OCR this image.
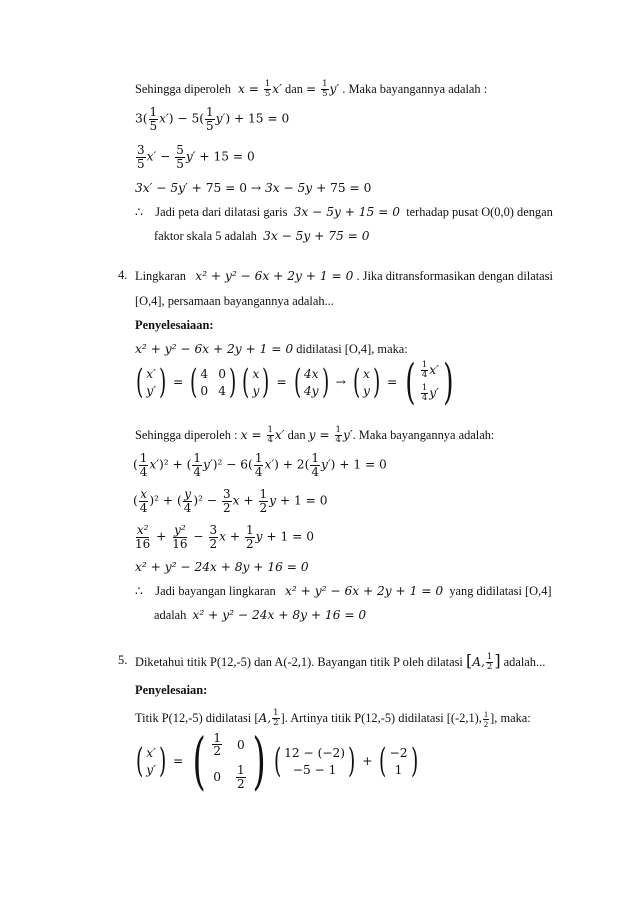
Sehingga diperoleh  $x = \frac{1}{5} x'$ dan = $\frac{1}{5} y'$ . Maka bayangannya adalah :
$3( \frac{1}{5} x') - 5( \frac{1}{5} y') + 15 = 0$
$\frac{3}{5} x' - \frac{5}{5} y' + 15 = 0$
3x′ − 5y′ + 75 = 0 → 3x − 5y + 75 = 0
∴ Jadi peta dari dilatasi garis 3x − 5y + 15 = 0 terhadap pusat O(0,0) dengan
faktor skala 5 adalah 3x − 5y + 75 = 0
4. Lingkaran x² + y² − 6x + 2y + 1 = 0 . Jika ditransformasikan dengan dilatasi
[O,4], persamaan bayangannya adalah...
Penyelesaiaan:
x² + y² − 6x + 2y + 1 = 0 didilatasi [O,4], maka:
( x′
y′ ) = ( 4 0
0 4 ) ( x
y ) = ( 4x
4y ) → ( x
y ) = ( $\frac{1}{4} x'$
$\frac{1}{4} y'$ )
Sehingga diperoleh : $x = \frac{1}{4} x'$ dan $y = \frac{1}{4} y'$. Maka bayangannya adalah:
( $\frac{1}{4} x')^2$ + ( $\frac{1}{4} y')^2 - 6( \frac{1}{4} x') + 2( \frac{1}{4} y') + 1 = 0$
( $\frac{x}{4} )^2$ + ( $\frac{y}{4} )^2 - \frac{3}{2}$ $x + \frac{1}{2}$ y + 1 = 0
$\frac{\text{x²}}{16} + \frac{\text{y²}}{16} - \frac{3}{2}$ $x + \frac{1}{2}$ y + 1 = 0
x² + y² − 24x + 8y + 16 = 0
∴ Jadi bayangan lingkaran x² + y² − 6x + 2y + 1 = 0 yang didilatasi [O,4]
adalah x² + y² − 24x + 8y + 16 = 0
5. Diketahui titik P(12,-5) dan A(-2,1). Bayangan titik P oleh dilatasi [A, $\frac{1}{2}$ ] adalah...
Penyelesaian:
Titik P(12,-5) didilatasi [A, $\frac{1}{2}$ ]. Artinya titik P(12,-5) didilatasi [(-2,1), $\frac{1}{2}$ ], maka:
( x′
y′ ) = ( $\frac{1}{2} 0$
$0 \frac{1}{2}$ ) ( 12 − (−2)
−5 − 1 ) + ( −2
1 )
